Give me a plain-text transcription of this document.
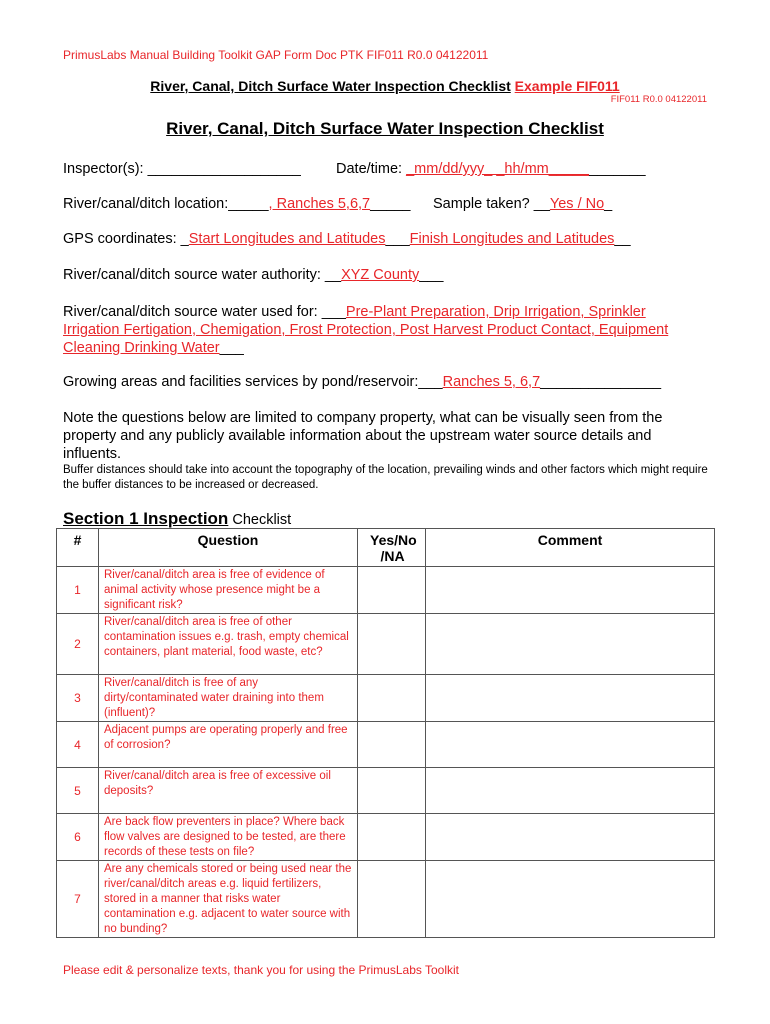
PrimusLabs Manual Building Toolkit GAP Form Doc PTK FIF011 R0.0 04122011
River, Canal, Ditch Surface Water Inspection Checklist Example FIF011
FIF011 R0.0 04122011
River, Canal, Ditch Surface Water Inspection Checklist
Inspector(s): ___________________ Date/time: _mm/dd/yyy_ _hh/mm____________
River/canal/ditch location:_____, Ranches 5,6,7_____ Sample taken? __Yes / No_
GPS coordinates: _Start Longitudes and Latitudes___Finish Longitudes and Latitudes__
River/canal/ditch source water authority: __XYZ County___
River/canal/ditch source water used for: ___Pre-Plant Preparation, Drip Irrigation, Sprinkler Irrigation Fertigation, Chemigation, Frost Protection, Post Harvest Product Contact, Equipment Cleaning Drinking Water___
Growing areas and facilities services by pond/reservoir:___Ranches 5, 6,7_______________
Note the questions below are limited to company property, what can be visually seen from the property and any publicly available information about the upstream water source details and influents.
Buffer distances should take into account the topography of the location, prevailing winds and other factors which might require the buffer distances to be increased or decreased.
Section 1 Inspection Checklist
#	Question	Yes/No /NA	Comment
1	River/canal/ditch area is free of evidence of animal activity whose presence might be a significant risk?		
2	River/canal/ditch area is free of other contamination issues e.g. trash, empty chemical containers, plant material, food waste, etc?		
3	River/canal/ditch is free of any dirty/contaminated water draining into them (influent)?		
4	Adjacent pumps are operating properly and free of corrosion?		
5	River/canal/ditch area is free of excessive oil deposits?		
6	Are back flow preventers in place? Where back flow valves are designed to be tested, are there records of these tests on file?		
7	Are any chemicals stored or being used near the river/canal/ditch areas e.g. liquid fertilizers, stored in a manner that risks water contamination e.g. adjacent to water source with no bunding?		
Please edit & personalize texts, thank you for using the PrimusLabs Toolkit
